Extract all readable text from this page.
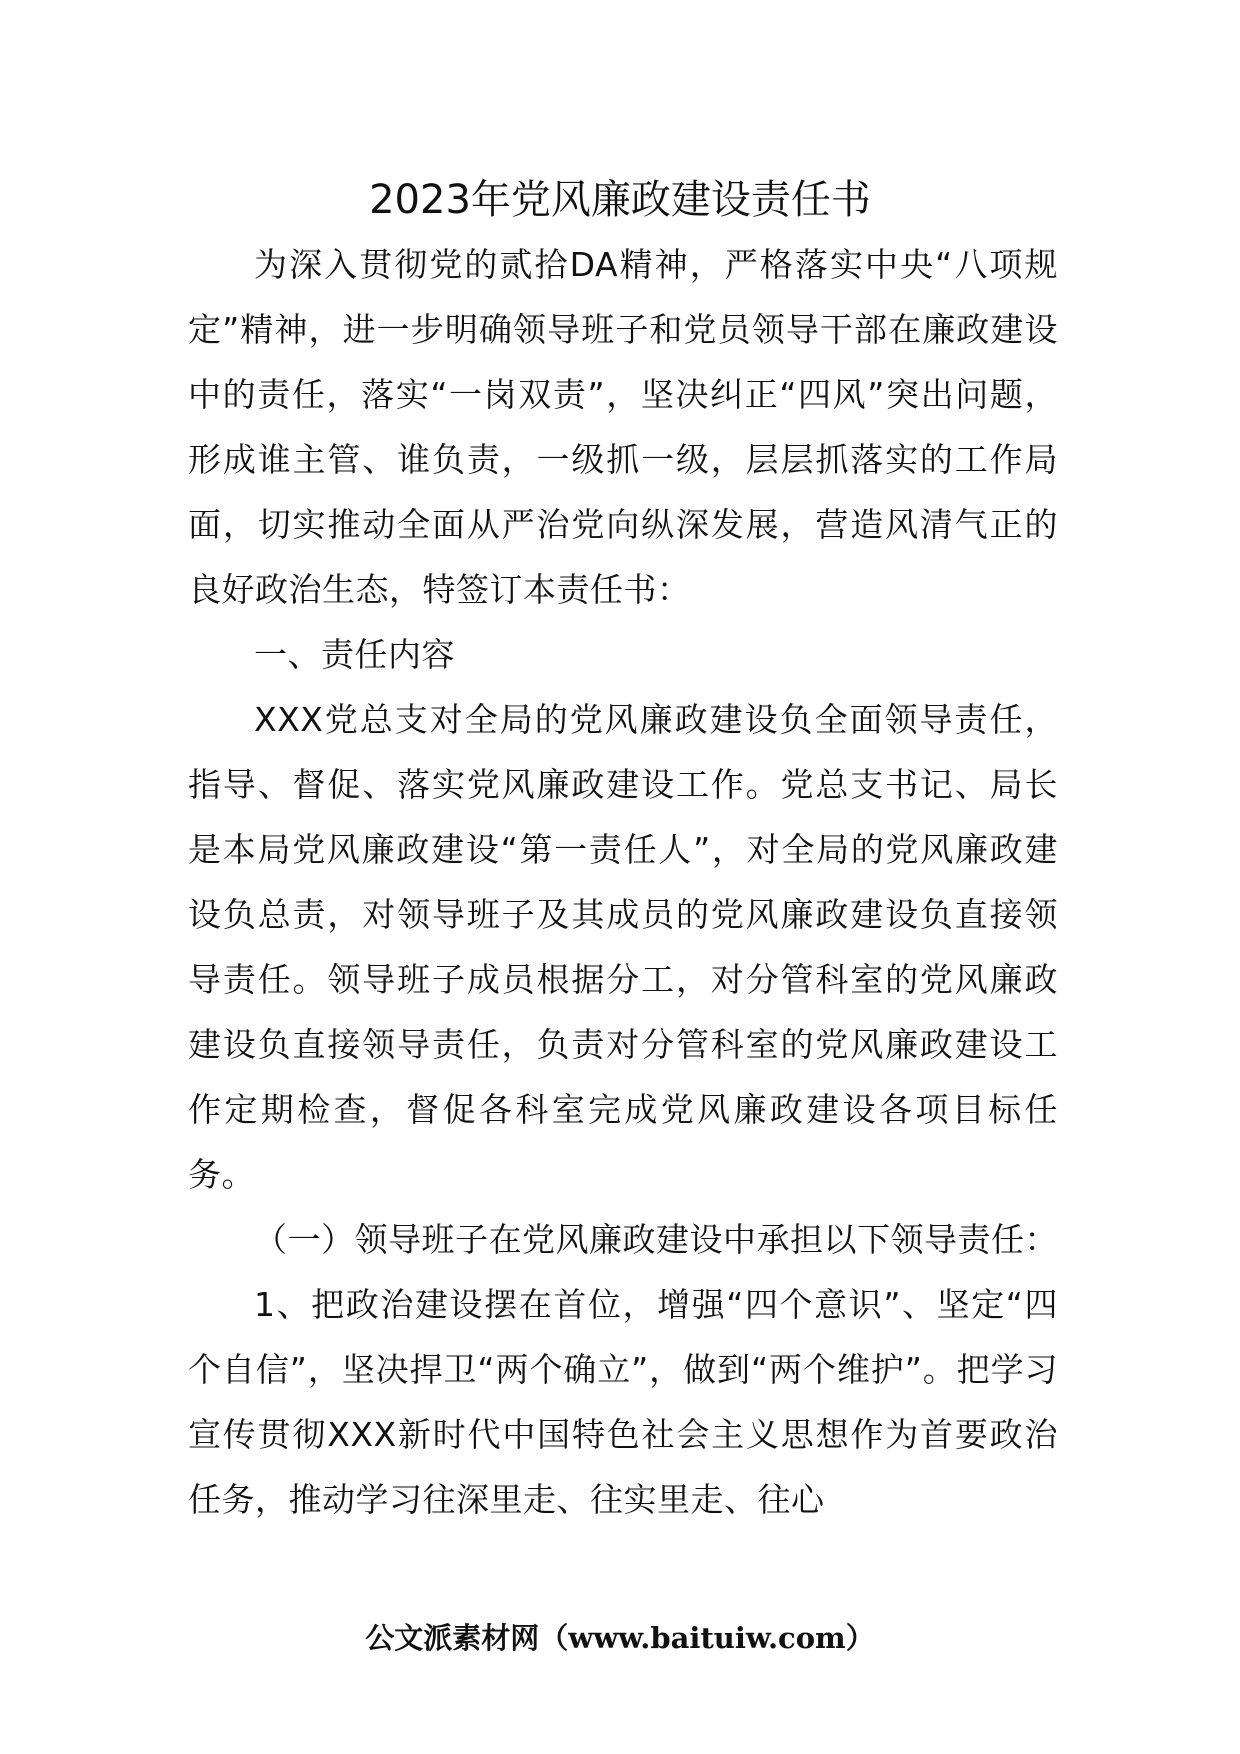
2023年党风廉政建设责任书

为深入贯彻党的贰拾DA精神，严格落实中央“八项规定”精神，进一步明确领导班子和党员领导干部在廉政建设中的责任，落实“一岗双责”，坚决纠正“四风”突出问题，形成谁主管、谁负责，一级抓一级，层层抓落实的工作局面，切实推动全面从严治党向纵深发展，营造风清气正的良好政治生态，特签订本责任书：

一、责任内容

XXX党总支对全局的党风廉政建设负全面领导责任，指导、督促、落实党风廉政建设工作。党总支书记、局长是本局党风廉政建设“第一责任人”，对全局的党风廉政建设负总责，对领导班子及其成员的党风廉政建设负直接领导责任。领导班子成员根据分工，对分管科室的党风廉政建设负直接领导责任，负责对分管科室的党风廉政建设工作定期检查，督促各科室完成党风廉政建设各项目标任务。

（一）领导班子在党风廉政建设中承担以下领导责任：

1、把政治建设摆在首位，增强“四个意识”、坚定“四个自信”，坚决捍卫“两个确立”，做到“两个维护”。把学习宣传贯彻XXX新时代中国特色社会主义思想作为首要政治任务，推动学习往深里走、往实里走、往心

公文派素材网（www.baituiw.com）
